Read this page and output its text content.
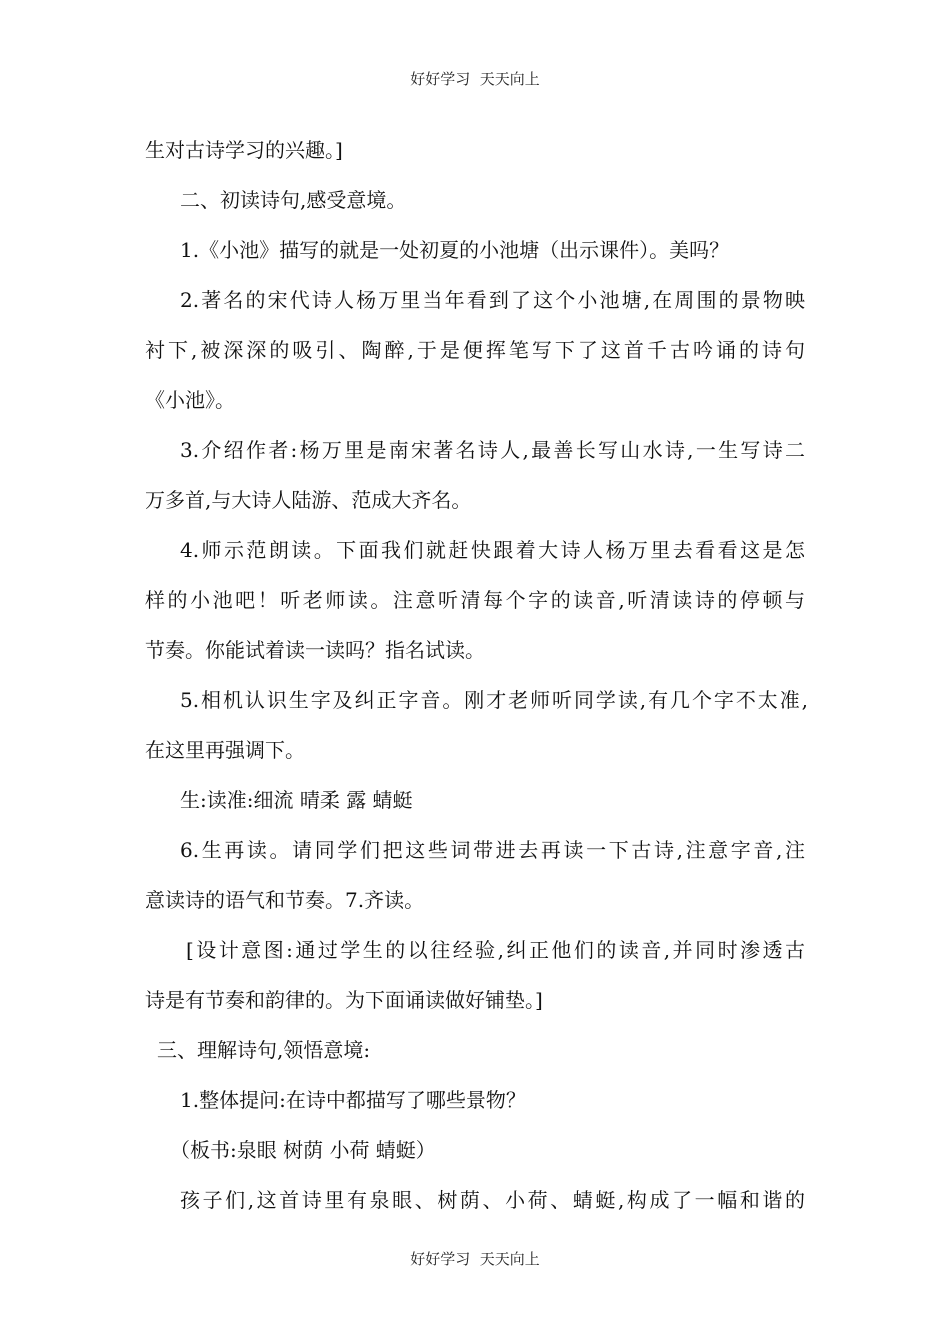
好好学习  天天向上
生对古诗学习的兴趣。]
二、初读诗句,感受意境。
1.《小池》描写的就是一处初夏的小池塘（出示课件）。美吗？
2.著名的宋代诗人杨万里当年看到了这个小池塘,在周围的景物映
衬下,被深深的吸引、陶醉,于是便挥笔写下了这首千古吟诵的诗句
《小池》。
3.介绍作者:杨万里是南宋著名诗人,最善长写山水诗,一生写诗二
万多首,与大诗人陆游、范成大齐名。
4.师示范朗读。下面我们就赶快跟着大诗人杨万里去看看这是怎
样的小池吧！听老师读。注意听清每个字的读音,听清读诗的停顿与
节奏。你能试着读一读吗？指名试读。
5.相机认识生字及纠正字音。刚才老师听同学读,有几个字不太准,
在这里再强调下。
生:读准:细流 晴柔 露 蜻蜓
6.生再读。请同学们把这些词带进去再读一下古诗,注意字音,注
意读诗的语气和节奏。7.齐读。
[设计意图:通过学生的以往经验,纠正他们的读音,并同时渗透古
诗是有节奏和韵律的。为下面诵读做好铺垫。]
三、理解诗句,领悟意境:
1.整体提问:在诗中都描写了哪些景物？
（板书:泉眼 树荫 小荷 蜻蜓）
孩子们,这首诗里有泉眼、树荫、小荷、蜻蜓,构成了一幅和谐的
好好学习  天天向上
